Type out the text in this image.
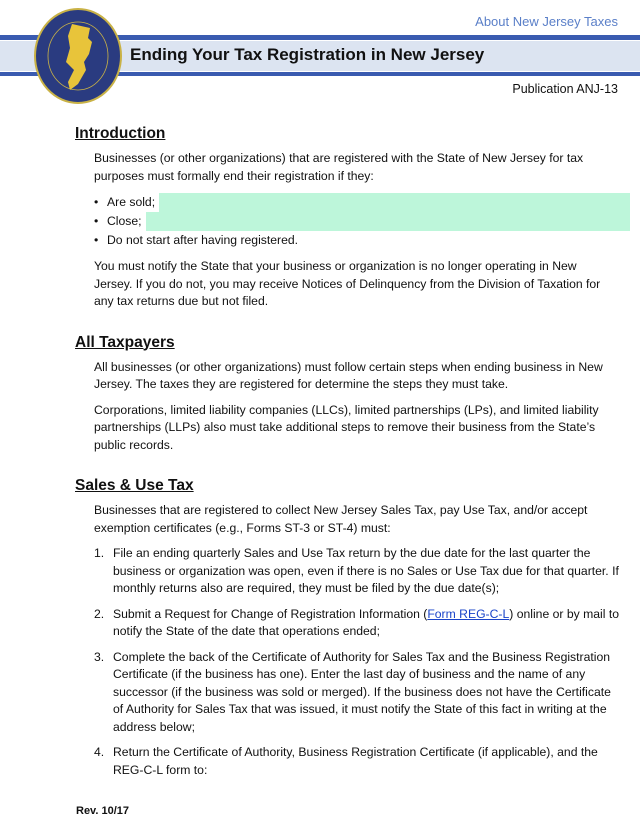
About New Jersey Taxes
Ending Your Tax Registration in New Jersey
Publication ANJ-13
Introduction
Businesses (or other organizations) that are registered with the State of New Jersey for tax purposes must formally end their registration if they:
• Are sold;
• Close;
• Do not start after having registered.
You must notify the State that your business or organization is no longer operating in New Jersey. If you do not, you may receive Notices of Delinquency from the Division of Taxation for any tax returns due but not filed.
All Taxpayers
All businesses (or other organizations) must follow certain steps when ending business in New Jersey. The taxes they are registered for determine the steps they must take.
Corporations, limited liability companies (LLCs), limited partnerships (LPs), and limited liability partnerships (LLPs) also must take additional steps to remove their business from the State’s public records.
Sales & Use Tax
Businesses that are registered to collect New Jersey Sales Tax, pay Use Tax, and/or accept exemption certificates (e.g., Forms ST-3 or ST-4) must:
1. File an ending quarterly Sales and Use Tax return by the due date for the last quarter the business or organization was open, even if there is no Sales or Use Tax due for that quarter. If monthly returns also are required, they must be filed by the due date(s);
2. Submit a Request for Change of Registration Information (Form REG-C-L) online or by mail to notify the State of the date that operations ended;
3. Complete the back of the Certificate of Authority for Sales Tax and the Business Registration Certificate (if the business has one). Enter the last day of business and the name of any successor (if the business was sold or merged). If the business does not have the Certificate of Authority for Sales Tax that was issued, it must notify the State of this fact in writing at the address below;
4. Return the Certificate of Authority, Business Registration Certificate (if applicable), and the REG-C-L form to:
Rev. 10/17
